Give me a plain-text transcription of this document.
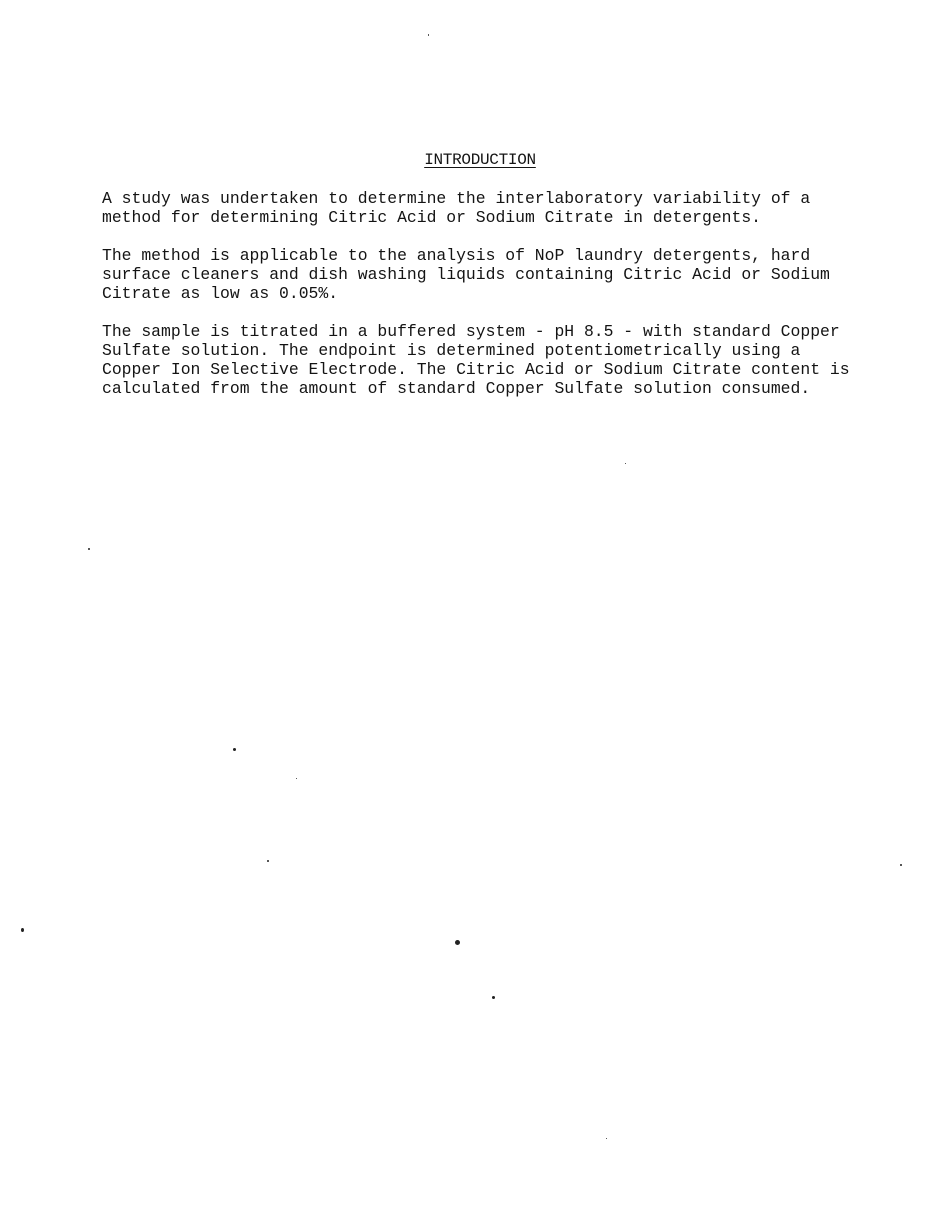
INTRODUCTION

A study was undertaken to determine the interlaboratory variability of a
method for determining Citric Acid or Sodium Citrate in detergents.

The method is applicable to the analysis of NoP laundry detergents, hard
surface cleaners and dish washing liquids containing Citric Acid or Sodium
Citrate as low as 0.05%.

The sample is titrated in a buffered system - pH 8.5 - with standard Copper
Sulfate solution. The endpoint is determined potentiometrically using a
Copper Ion Selective Electrode. The Citric Acid or Sodium Citrate content is
calculated from the amount of standard Copper Sulfate solution consumed.
